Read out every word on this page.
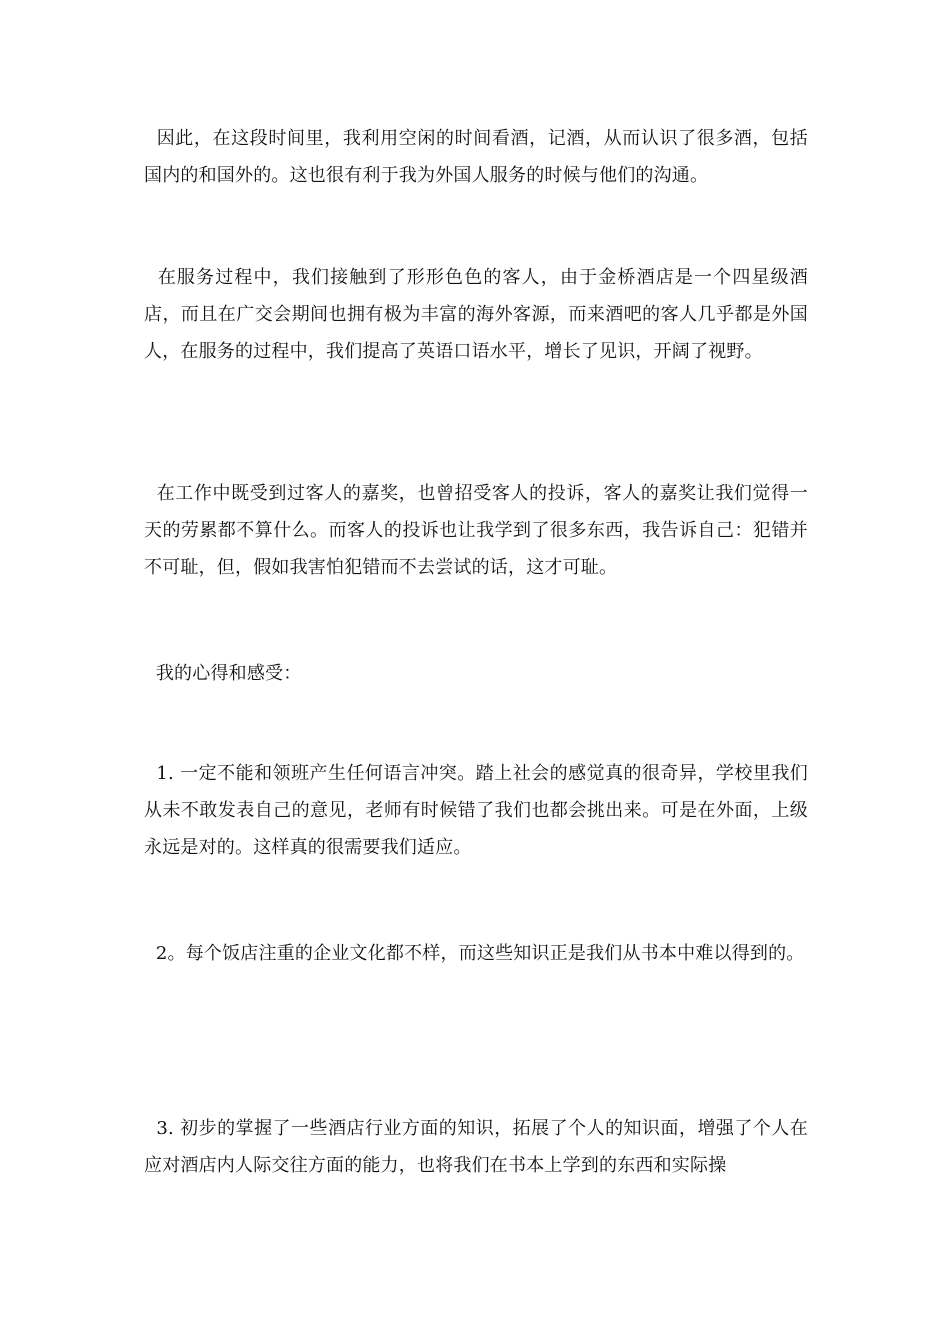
因此，在这段时间里，我利用空闲的时间看酒，记酒，从而认识了很多酒，包括国内的和国外的。这也很有利于我为外国人服务的时候与他们的沟通。

在服务过程中，我们接触到了形形色色的客人，由于金桥酒店是一个四星级酒店，而且在广交会期间也拥有极为丰富的海外客源，而来酒吧的客人几乎都是外国人，在服务的过程中，我们提高了英语口语水平，增长了见识，开阔了视野。

在工作中既受到过客人的嘉奖，也曾招受客人的投诉，客人的嘉奖让我们觉得一天的劳累都不算什么。而客人的投诉也让我学到了很多东西，我告诉自己：犯错并不可耻，但，假如我害怕犯错而不去尝试的话，这才可耻。

我的心得和感受：

1. 一定不能和领班产生任何语言冲突。踏上社会的感觉真的很奇异，学校里我们从未不敢发表自己的意见，老师有时候错了我们也都会挑出来。可是在外面，上级永远是对的。这样真的很需要我们适应。

2。每个饭店注重的企业文化都不样，而这些知识正是我们从书本中难以得到的。

3. 初步的掌握了一些酒店行业方面的知识，拓展了个人的知识面，增强了个人在应对酒店内人际交往方面的能力，也将我们在书本上学到的东西和实际操
